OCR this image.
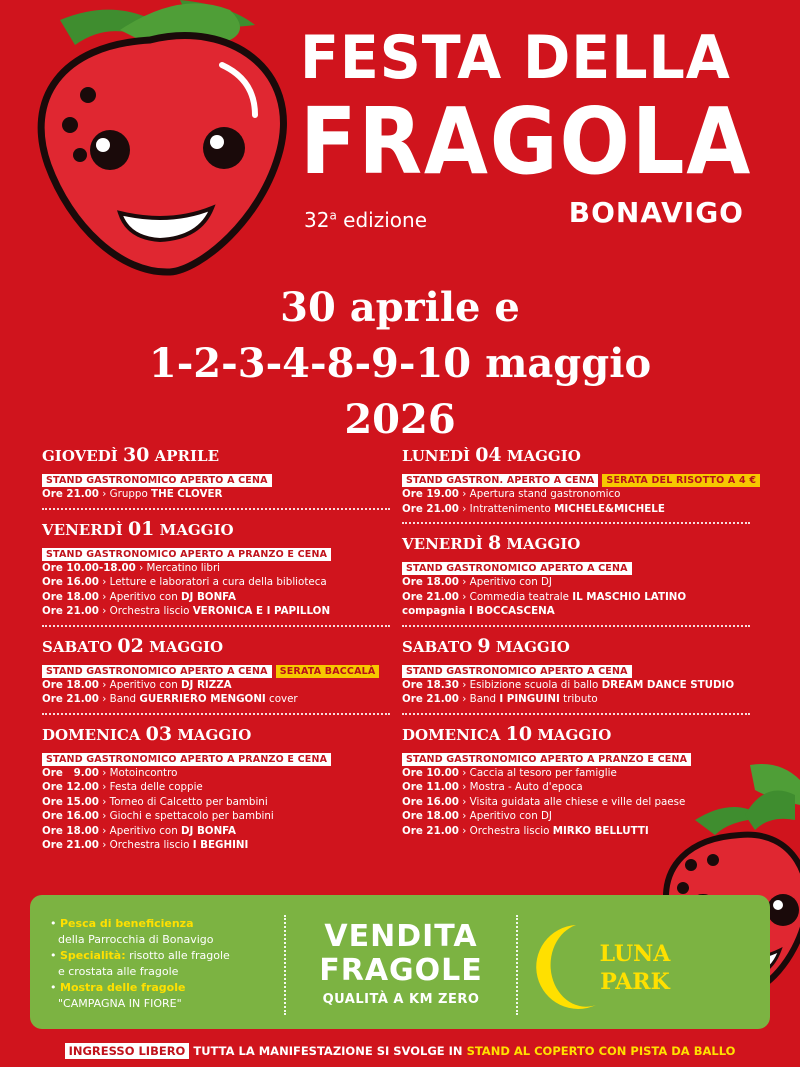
FESTA DELLA
FRAGOLA
32$^a$ edizione	BONAVIGO
30 aprile e
1-2-3-4-8-9-10 maggio
2026
GIOVEDÌ 30 APRILE
STAND GASTRONOMICO APERTO A CENA
Ore 21.00 › Gruppo THE CLOVER
VENERDÌ 01 MAGGIO
STAND GASTRONOMICO APERTO A PRANZO E CENA
Ore 10.00-18.00 › Mercatino libri
Ore 16.00 › Letture e laboratori a cura della biblioteca
Ore 18.00 › Aperitivo con DJ BONFA
Ore 21.00 › Orchestra liscio VERONICA E I PAPILLON
SABATO 02 MAGGIO
STAND GASTRONOMICO APERTO A CENA SERATA BACCALÀ
Ore 18.00 › Aperitivo con DJ RIZZA
Ore 21.00 › Band GUERRIERO MENGONI cover
DOMENICA 03 MAGGIO
STAND GASTRONOMICO APERTO A PRANZO E CENA
Ore   9.00 › Motoincontro
Ore 12.00 › Festa delle coppie
Ore 15.00 › Torneo di Calcetto per bambini
Ore 16.00 › Giochi e spettacolo per bambini
Ore 18.00 › Aperitivo con DJ BONFA
Ore 21.00 › Orchestra liscio I BEGHINI
LUNEDÌ 04 MAGGIO
STAND GASTRON. APERTO A CENA SERATA DEL RISOTTO A 4 €
Ore 19.00 › Apertura stand gastronomico
Ore 21.00 › Intrattenimento MICHELE&MICHELE
VENERDÌ 8 MAGGIO
STAND GASTRONOMICO APERTO A CENA
Ore 18.00 › Aperitivo con DJ
Ore 21.00 › Commedia teatrale IL MASCHIO LATINO
compagnia I BOCCASCENA
SABATO 9 MAGGIO
STAND GASTRONOMICO APERTO A CENA
Ore 18.30 › Esibizione scuola di ballo DREAM DANCE STUDIO
Ore 21.00 › Band I PINGUINI tributo
DOMENICA 10 MAGGIO
STAND GASTRONOMICO APERTO A PRANZO E CENA
Ore 10.00 › Caccia al tesoro per famiglie
Ore 11.00 › Mostra - Auto d'epoca
Ore 16.00 › Visita guidata alle chiese e ville del paese
Ore 18.00 › Aperitivo con DJ
Ore 21.00 › Orchestra liscio MIRKO BELLUTTI
• Pesca di beneficienza
della Parrocchia di Bonavigo
• Specialità: risotto alle fragole
e crostata alle fragole
• Mostra delle fragole
"CAMPAGNA IN FIORE"
VENDITA
FRAGOLE
QUALITÀ A KM ZERO
LUNA
PARK
INGRESSO LIBERO TUTTA LA MANIFESTAZIONE SI SVOLGE IN STAND AL COPERTO CON PISTA DA BALLO
